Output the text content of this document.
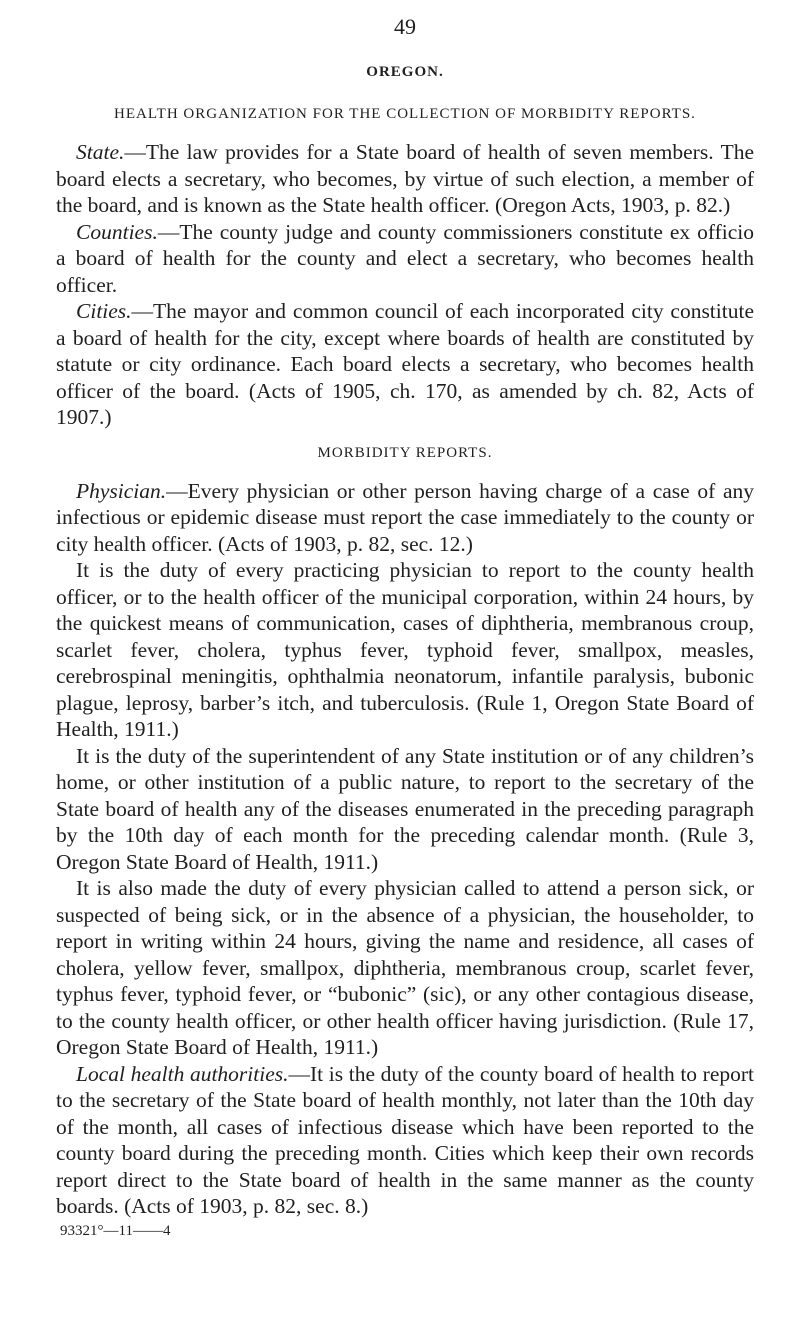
49
OREGON.
HEALTH ORGANIZATION FOR THE COLLECTION OF MORBIDITY REPORTS.

State.—The law provides for a State board of health of seven members. The board elects a secretary, who becomes, by virtue of such election, a member of the board, and is known as the State health officer. (Oregon Acts, 1903, p. 82.)

Counties.—The county judge and county commissioners constitute ex officio a board of health for the county and elect a secretary, who becomes health officer.

Cities.—The mayor and common council of each incorporated city constitute a board of health for the city, except where boards of health are constituted by statute or city ordinance. Each board elects a secretary, who becomes health officer of the board. (Acts of 1905, ch. 170, as amended by ch. 82, Acts of 1907.)

MORBIDITY REPORTS.

Physician.—Every physician or other person having charge of a case of any infectious or epidemic disease must report the case immediately to the county or city health officer. (Acts of 1903, p. 82, sec. 12.)

It is the duty of every practicing physician to report to the county health officer, or to the health officer of the municipal corporation, within 24 hours, by the quickest means of communication, cases of diphtheria, membranous croup, scarlet fever, cholera, typhus fever, typhoid fever, smallpox, measles, cerebrospinal meningitis, ophthalmia neonatorum, infantile paralysis, bubonic plague, leprosy, barber’s itch, and tuberculosis. (Rule 1, Oregon State Board of Health, 1911.)

It is the duty of the superintendent of any State institution or of any children’s home, or other institution of a public nature, to report to the secretary of the State board of health any of the diseases enumerated in the preceding paragraph by the 10th day of each month for the preceding calendar month. (Rule 3, Oregon State Board of Health, 1911.)

It is also made the duty of every physician called to attend a person sick, or suspected of being sick, or in the absence of a physician, the householder, to report in writing within 24 hours, giving the name and residence, all cases of cholera, yellow fever, smallpox, diphtheria, membranous croup, scarlet fever, typhus fever, typhoid fever, or “bubonic” (sic), or any other contagious disease, to the county health officer, or other health officer having jurisdiction. (Rule 17, Oregon State Board of Health, 1911.)

Local health authorities.—It is the duty of the county board of health to report to the secretary of the State board of health monthly, not later than the 10th day of the month, all cases of infectious disease which have been reported to the county board during the preceding month. Cities which keep their own records report direct to the State board of health in the same manner as the county boards. (Acts of 1903, p. 82, sec. 8.)

93321°—11——4
